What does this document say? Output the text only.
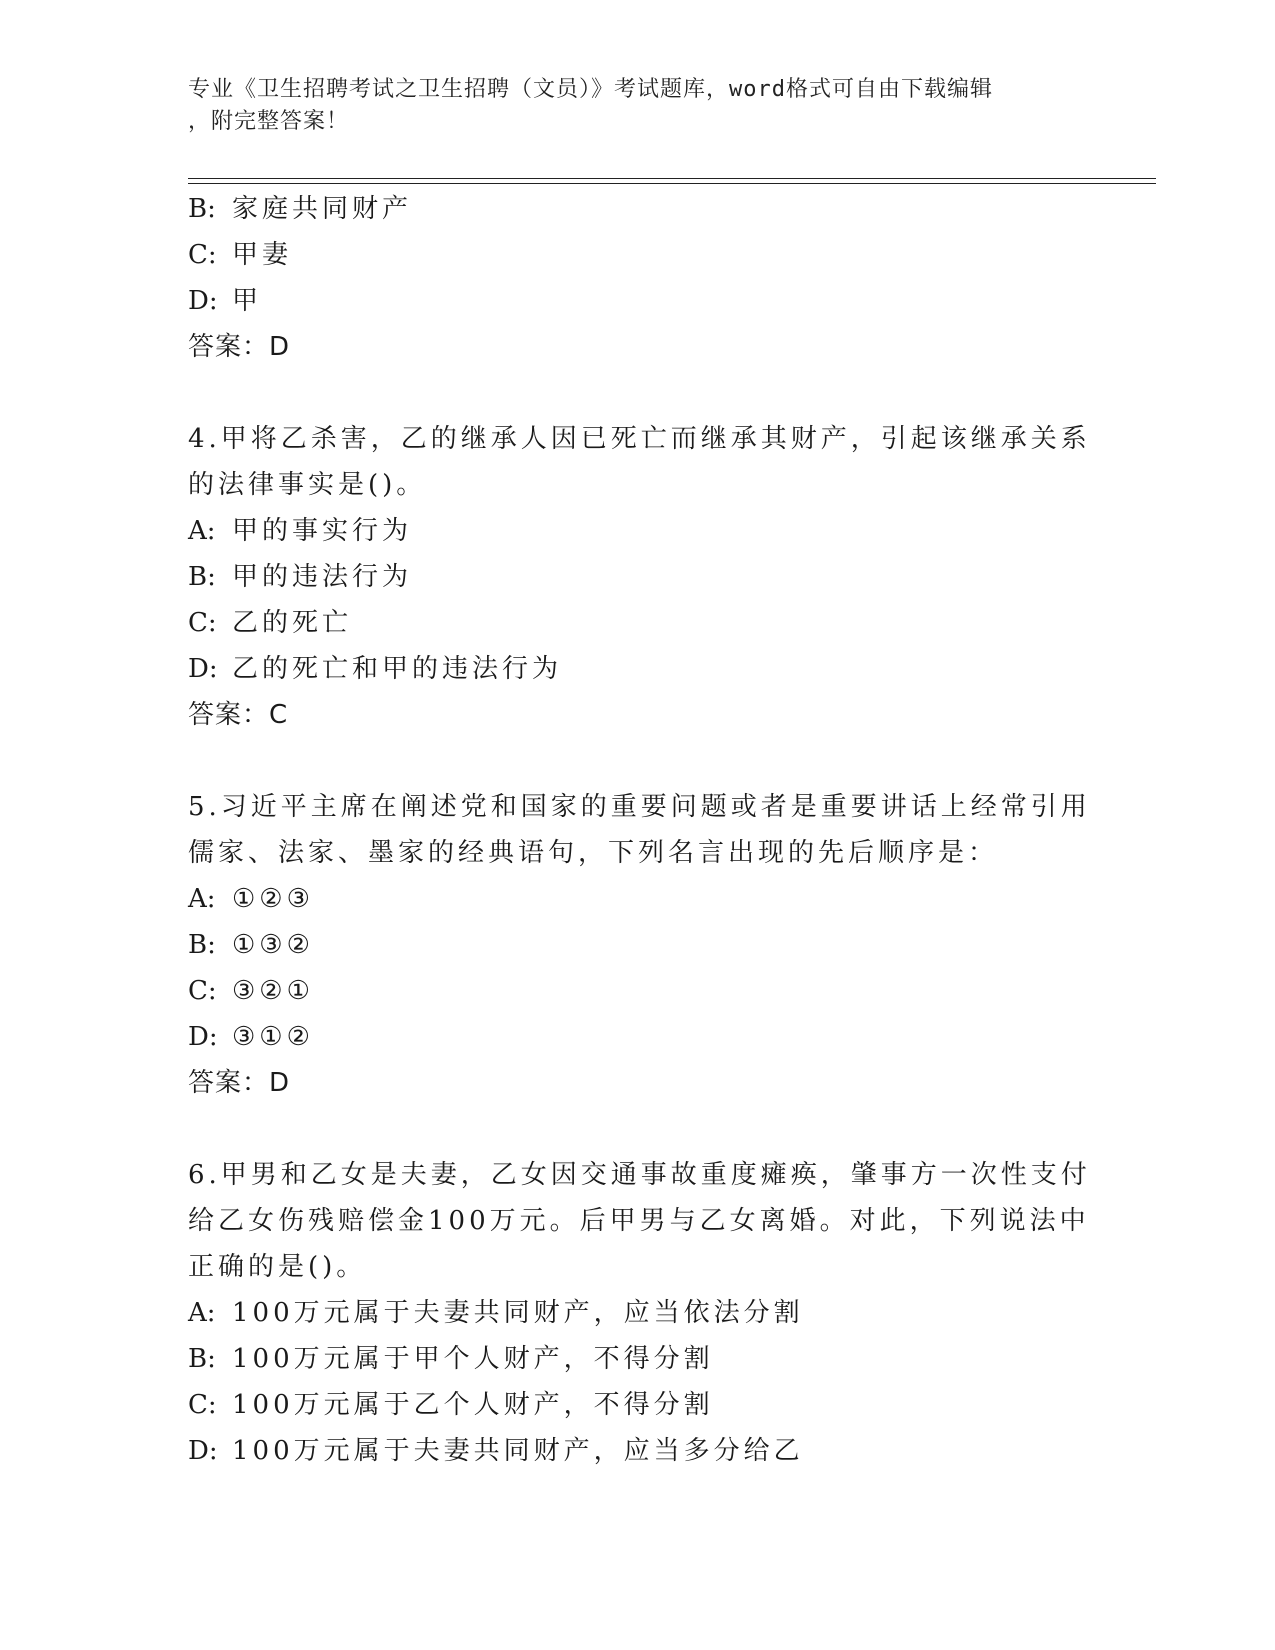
专业《卫生招聘考试之卫生招聘（文员）》考试题库，word格式可自由下载编辑
，附完整答案！
B: 家庭共同财产
C: 甲妻
D: 甲
答案：D
4.甲将乙杀害，乙的继承人因已死亡而继承其财产，引起该继承关系
的法律事实是()。
A: 甲的事实行为
B: 甲的违法行为
C: 乙的死亡
D: 乙的死亡和甲的违法行为
答案：C
5.习近平主席在阐述党和国家的重要问题或者是重要讲话上经常引用
儒家、法家、墨家的经典语句，下列名言出现的先后顺序是：
A: ①②③
B: ①③②
C: ③②①
D: ③①②
答案：D
6.甲男和乙女是夫妻，乙女因交通事故重度瘫痪，肇事方一次性支付
给乙女伤残赔偿金100万元。后甲男与乙女离婚。对此，下列说法中
正确的是()。
A: 100万元属于夫妻共同财产，应当依法分割
B: 100万元属于甲个人财产，不得分割
C: 100万元属于乙个人财产，不得分割
D: 100万元属于夫妻共同财产，应当多分给乙
